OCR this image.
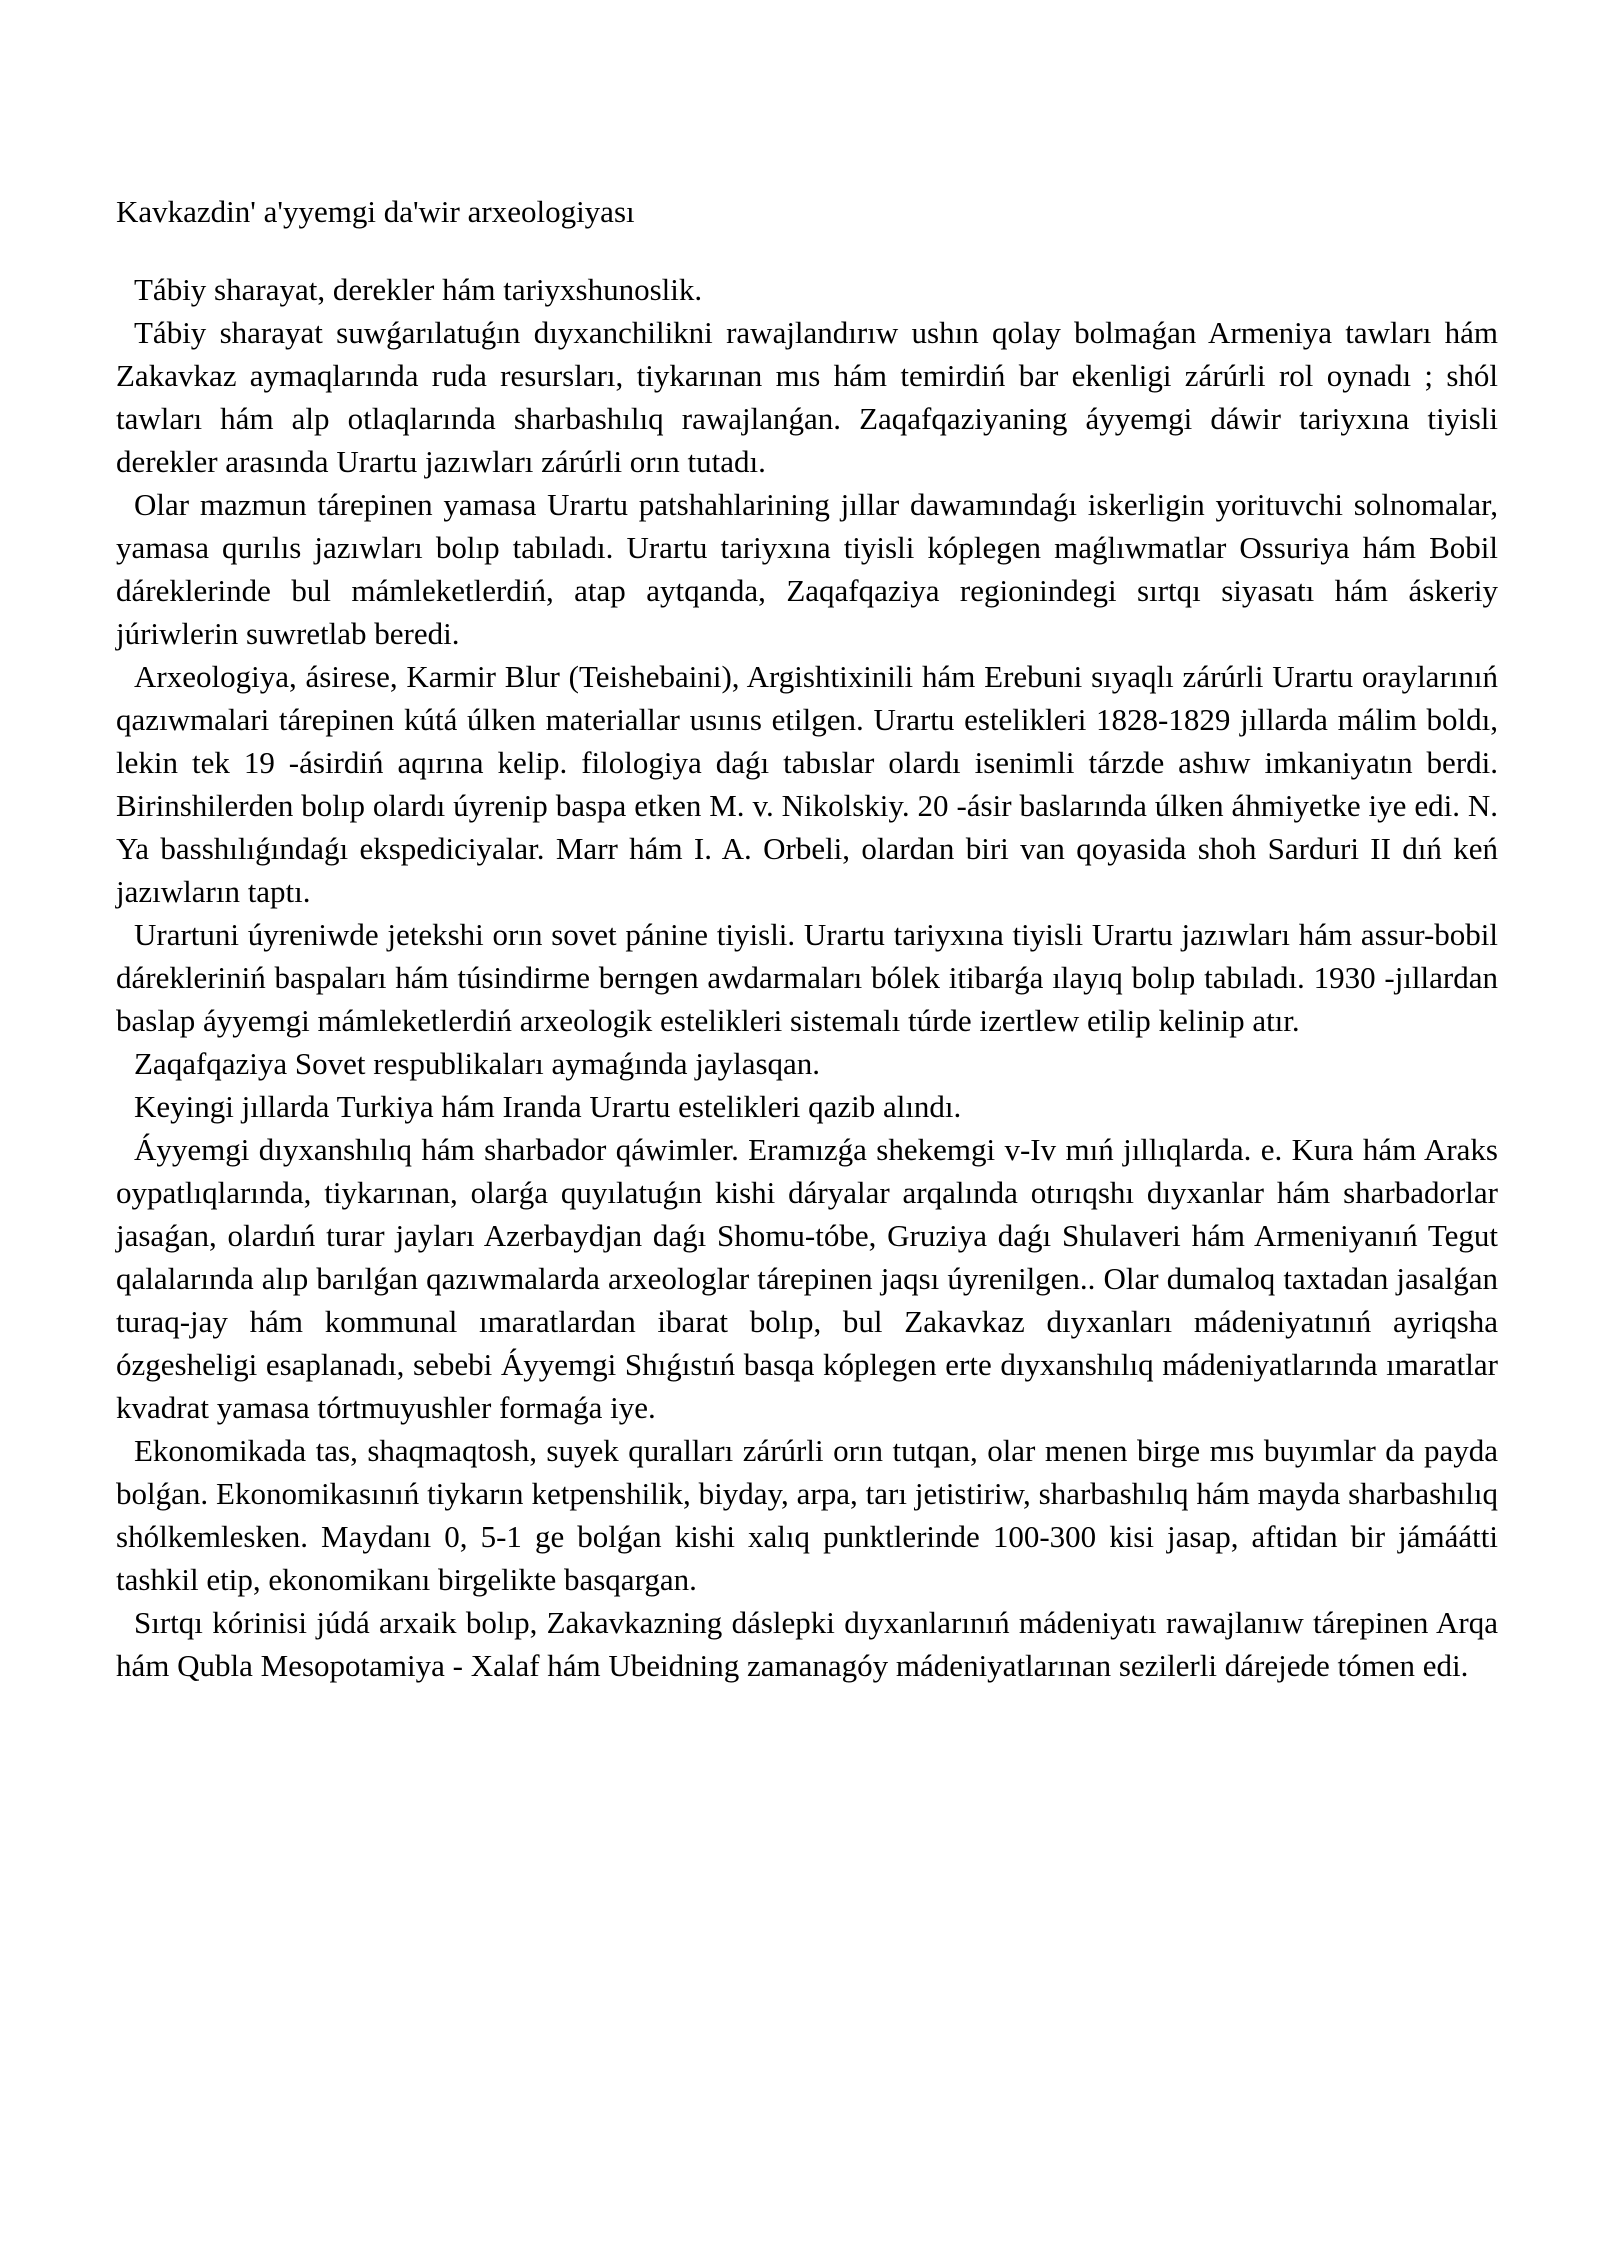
Kavkazdin' a'yyemgi da'wir arxeologiyası

Tábiy sharayat, derekler hám tariyxshunoslik.

Tábiy sharayat suwǵarılatuǵın dıyxanchilikni rawajlandırıw ushın qolay bolmaǵan Armeniya tawları hám Zakavkaz aymaqlarında ruda resursları, tiykarınan mıs hám temirdiń bar ekenligi zárúrli rol oynadı ; shól tawları hám alp otlaqlarında sharbashılıq rawajlanǵan. Zaqafqaziyaning áyyemgi dáwir tariyxına tiyisli derekler arasında Urartu jazıwları zárúrli orın tutadı.

Olar mazmun tárepinen yamasa Urartu patshahlarining jıllar dawamındaǵı iskerligin yorituvchi solnomalar, yamasa qurılıs jazıwları bolıp tabıladı. Urartu tariyxına tiyisli kóplegen maǵlıwmatlar Ossuriya hám Bobil dáreklerinde bul mámleketlerdiń, atap aytqanda, Zaqafqaziya regionindegi sırtqı siyasatı hám áskeriy júriwlerin suwretlab beredi.

Arxeologiya, ásirese, Karmir Blur (Teishebaini), Argishtixinili hám Erebuni sıyaqlı zárúrli Urartu oraylarınıń qazıwmalari tárepinen kútá úlken materiallar usınıs etilgen. Urartu estelikleri 1828-1829 jıllarda málim boldı, lekin tek 19 -ásirdiń aqırına kelip. filologiya daǵı tabıslar olardı isenimli tárzde ashıw imkaniyatın berdi. Birinshilerden bolıp olardı úyrenip baspa etken M. v. Nikolskiy. 20 -ásir baslarında úlken áhmiyetke iye edi. N. Ya basshılıǵındaǵı ekspediciyalar. Marr hám I. A. Orbeli, olardan biri van qoyasida shoh Sarduri II dıń keń jazıwların taptı.

Urartuni úyreniwde jetekshi orın sovet pánine tiyisli. Urartu tariyxına tiyisli Urartu jazıwları hám assur-bobil dárekleriniń baspaları hám túsindirme berngen awdarmaları bólek itibarǵa ılayıq bolıp tabıladı. 1930 -jıllardan baslap áyyemgi mámleketlerdiń arxeologik estelikleri sistemalı túrde izertlew etilip kelinip atır.

Zaqafqaziya Sovet respublikaları aymaǵında jaylasqan.

Keyingi jıllarda Turkiya hám Iranda Urartu estelikleri qazib alındı.

Áyyemgi dıyxanshılıq hám sharbador qáwimler. Eramızǵa shekemgi v-Iv mıń jıllıqlarda. e. Kura hám Araks oypatlıqlarında, tiykarınan, olarǵa quyılatuǵın kishi dáryalar arqalında otırıqshı dıyxanlar hám sharbadorlar jasaǵan, olardıń turar jayları Azerbaydjan daǵı Shomu-tóbe, Gruziya daǵı Shulaveri hám Armeniyanıń Tegut qalalarında alıp barılǵan qazıwmalarda arxeologlar tárepinen jaqsı úyrenilgen.. Olar dumaloq taxtadan jasalǵan turaq-jay hám kommunal ımaratlardan ibarat bolıp, bul Zakavkaz dıyxanları mádeniyatınıń ayriqsha ózgesheligi esaplanadı, sebebi Áyyemgi Shıǵıstıń basqa kóplegen erte dıyxanshılıq mádeniyatlarında ımaratlar kvadrat yamasa tórtmuyushler formaǵa iye.

Ekonomikada tas, shaqmaqtosh, suyek quralları zárúrli orın tutqan, olar menen birge mıs buyımlar da payda bolǵan. Ekonomikasınıń tiykarın ketpenshilik, biyday, arpa, tarı jetistiriw, sharbashılıq hám mayda sharbashılıq shólkemlesken. Maydanı 0, 5-1 ge bolǵan kishi xalıq punktlerinde 100-300 kisi jasap, aftidan bir jámáátti tashkil etip, ekonomikanı birgelikte basqargan.

Sırtqı kórinisi júdá arxaik bolıp, Zakavkazning dáslepki dıyxanlarınıń mádeniyatı rawajlanıw tárepinen Arqa hám Qubla Mesopotamiya - Xalaf hám Ubeidning zamanagóy mádeniyatlarınan sezilerli dárejede tómen edi.
